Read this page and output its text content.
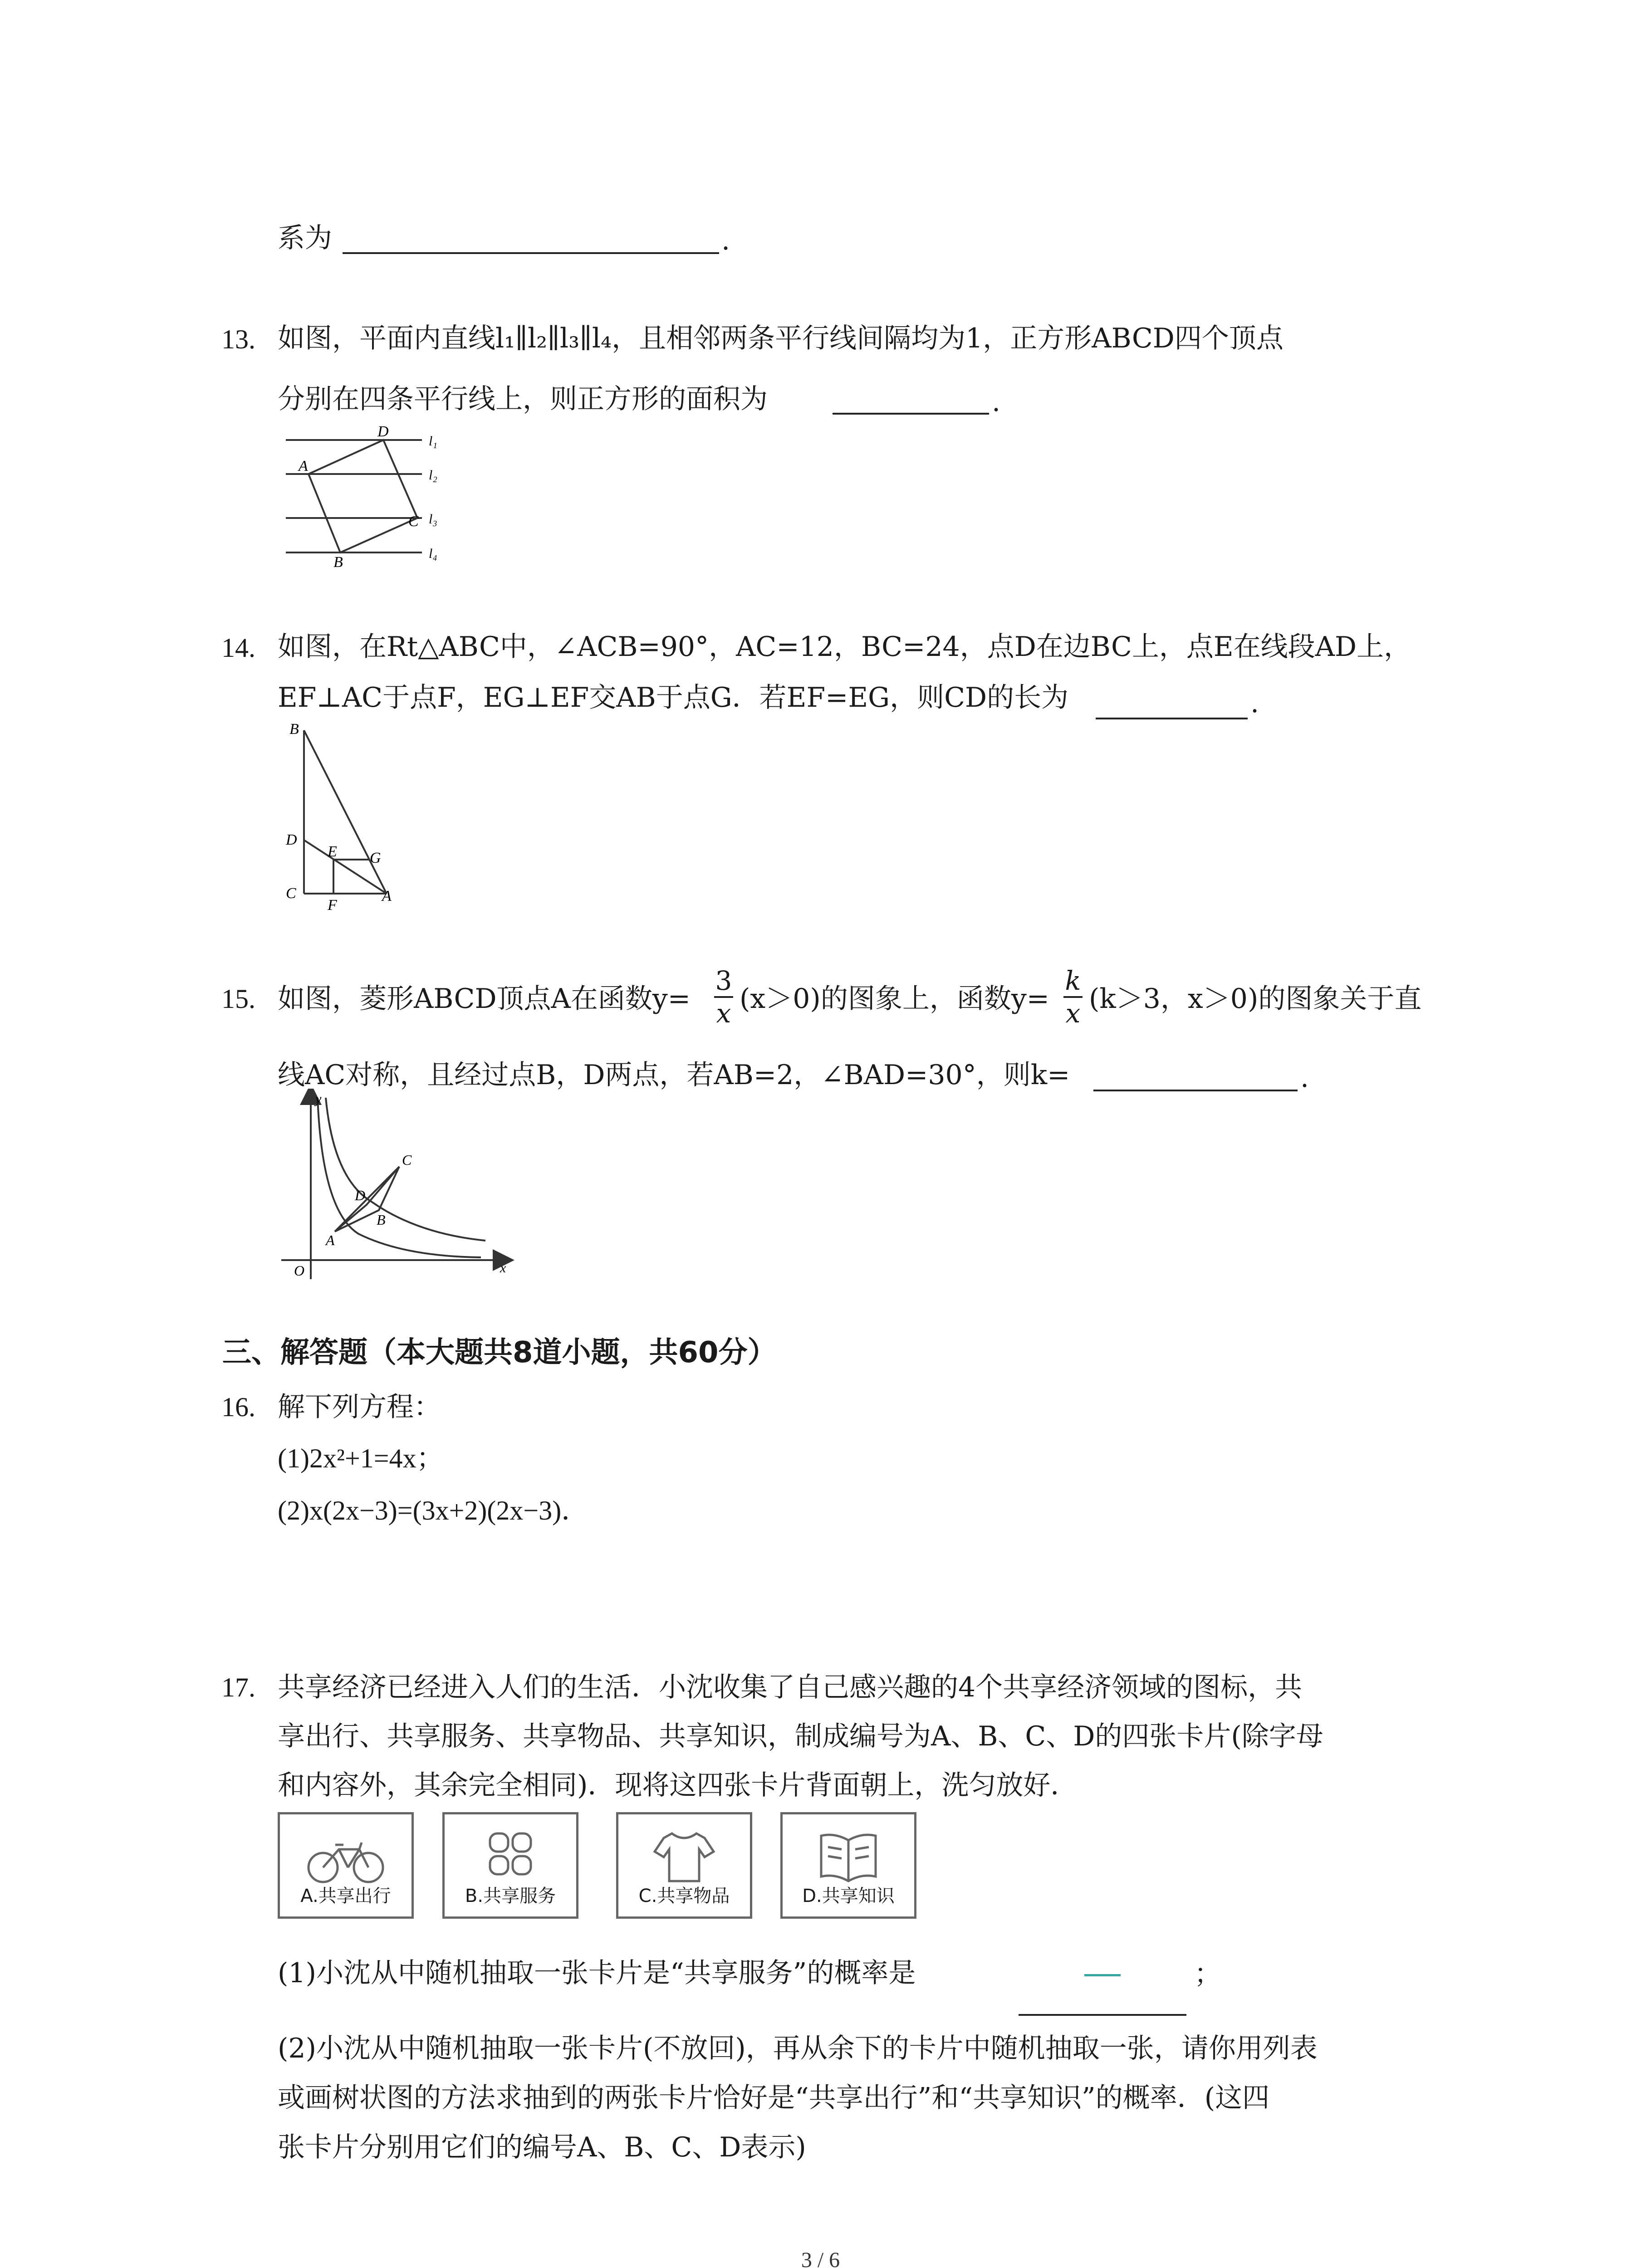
系为	.
13. 如图，平面内直线l₁∥l₂∥l₃∥l₄，且相邻两条平行线间隔均为1，正方形ABCD四个顶点
分别在四条平行线上，则正方形的面积为	.
D
A
C
B
l₁
l₂
l₃
l₄
14. 如图，在Rt△ABC中，∠ACB=90°，AC=12，BC=24，点D在边BC上，点E在线段AD上，
EF⊥AC于点F，EG⊥EF交AB于点G．若EF=EG，则CD的长为	.
B
D
C
E G
F
A
15. 如图，菱形ABCD顶点A在函数y=
3
x (x＞0)的图象上，函数y=
k
x (k＞3，x＞0)的图象关于直
线AC对称，且经过点B，D两点，若AB=2，∠BAD=30°，则k=	.
y
x
O
A
B
C
D
三、解答题（本大题共8道小题，共60分）
16. 解下列方程：
(1)2x²+1=4x；
(2)x(2x−3)=(3x+2)(2x−3)．
17. 共享经济已经进入人们的生活．小沈收集了自己感兴趣的4个共享经济领域的图标，共
享出行、共享服务、共享物品、共享知识，制成编号为A、B、C、D的四张卡片(除字母
和内容外，其余完全相同)．现将这四张卡片背面朝上，洗匀放好．
A.共享出行	B.共享服务	C.共享物品	D.共享知识
(1)小沈从中随机抽取一张卡片是“共享服务”的概率是	；
(2)小沈从中随机抽取一张卡片(不放回)，再从余下的卡片中随机抽取一张，请你用列表
或画树状图的方法求抽到的两张卡片恰好是“共享出行”和“共享知识”的概率．(这四
张卡片分别用它们的编号A、B、C、D表示)
3 / 6
